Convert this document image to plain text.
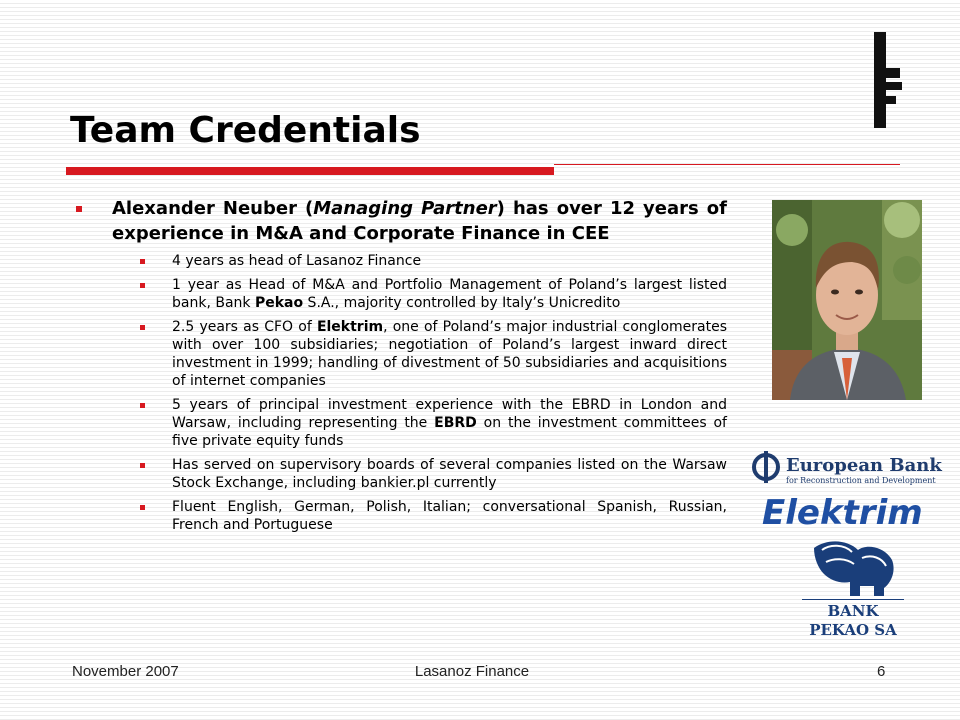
Team Credentials
Alexander Neuber (Managing Partner) has over 12 years of experience in M&A and Corporate Finance in CEE
4 years as head of Lasanoz Finance
1 year as Head of M&A and Portfolio Management of Poland’s largest listed bank, Bank Pekao S.A., majority controlled by Italy’s Unicredito
2.5 years as CFO of Elektrim, one of Poland’s major industrial conglomerates with over 100 subsidiaries; negotiation of Poland’s largest inward direct investment in 1999; handling of divestment of 50 subsidiaries and acquisitions of internet companies
5 years of principal investment experience with the EBRD in London and Warsaw, including representing the EBRD on the investment committees of five private equity funds
Has served on supervisory boards of several companies listed on the Warsaw Stock Exchange, including bankier.pl currently
Fluent English, German, Polish, Italian; conversational Spanish, Russian, French and Portuguese
European Bank
for Reconstruction and Development
Elektrim
BANK
PEKAO SA
November 2007	Lasanoz Finance	6
